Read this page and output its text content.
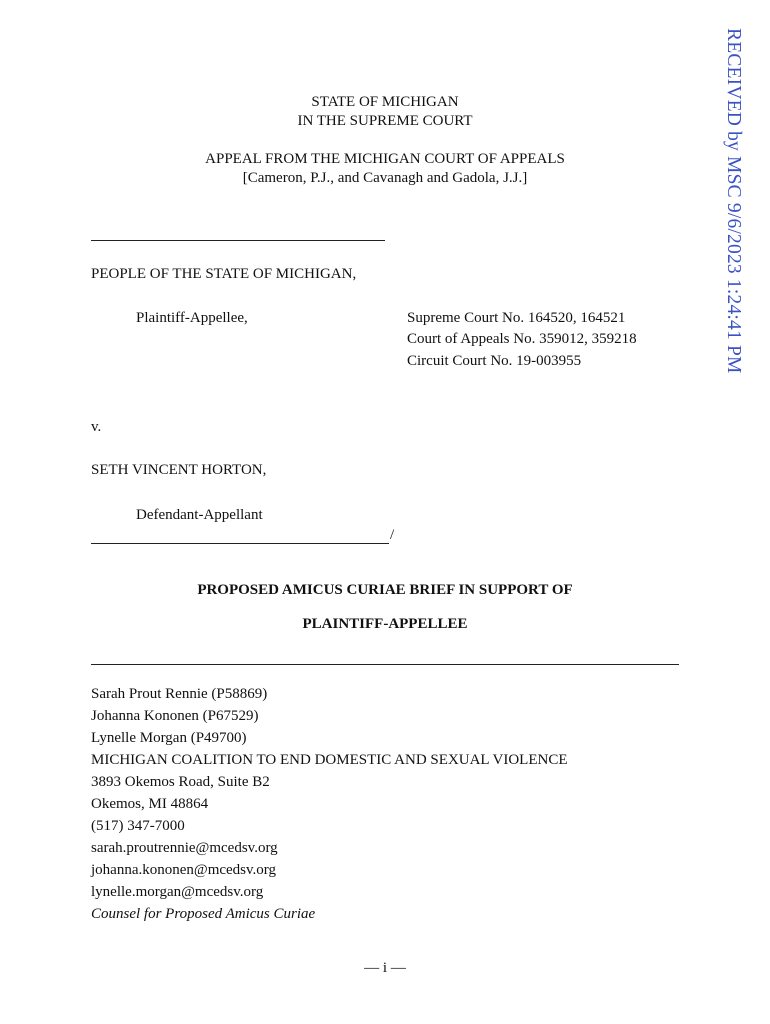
RECEIVED by MSC 9/6/2023 1:24:41 PM
STATE OF MICHIGAN
IN THE SUPREME COURT
APPEAL FROM THE MICHIGAN COURT OF APPEALS
[Cameron, P.J., and Cavanagh and Gadola, J.J.]
PEOPLE OF THE STATE OF MICHIGAN,
Plaintiff-Appellee,	Supreme Court No. 164520, 164521
Court of Appeals No. 359012, 359218
Circuit Court No. 19-003955
v.
SETH VINCENT HORTON,
Defendant-Appellant
/
PROPOSED AMICUS CURIAE BRIEF IN SUPPORT OF
PLAINTIFF-APPELLEE
Sarah Prout Rennie (P58869)
Johanna Kononen (P67529)
Lynelle Morgan (P49700)
MICHIGAN COALITION TO END DOMESTIC AND SEXUAL VIOLENCE
3893 Okemos Road, Suite B2
Okemos, MI 48864
(517) 347-7000
sarah.proutrennie@mcedsv.org
johanna.kononen@mcedsv.org
lynelle.morgan@mcedsv.org
Counsel for Proposed Amicus Curiae
— i —
